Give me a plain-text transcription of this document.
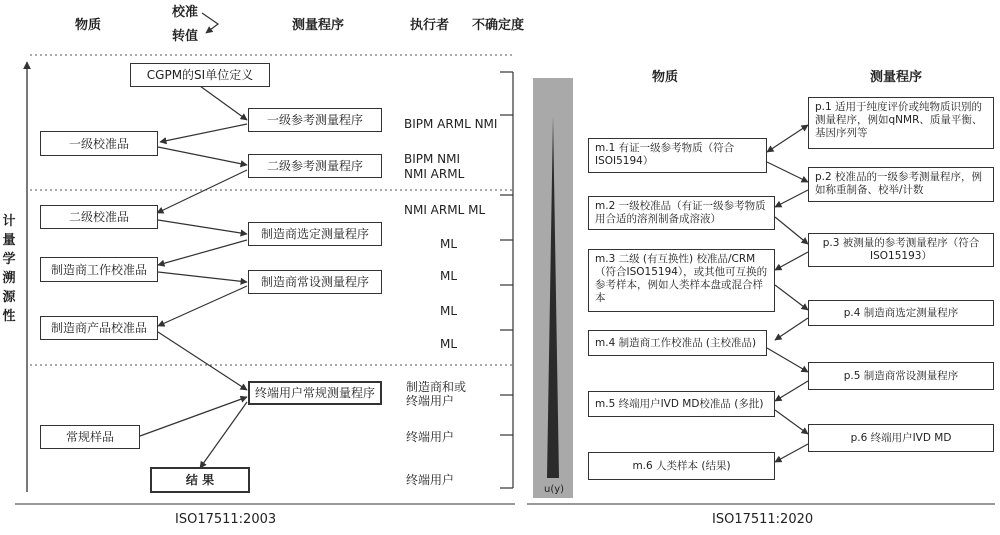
物质
校准
转值
测量程序	执行者 不确定度
计
量
学
溯
源
性
CGPM的SI单位定义
一级参考测量程序
一级校准品
二级参考测量程序
二级校准品
制造商选定测量程序
制造商工作校准品
制造商常设测量程序
制造商产品校准品
终端用户常规测量程序
常规样品
结 果
BIPM ARML NMI
BIPM NMI
NMI ARML
NMI ARML ML
ML
ML
ML
ML
制造商和或
终端用户
终端用户
终端用户
ISO17511:2003
物质	测量程序
u(y)
m.1 有证一级参考物质（符合ISOI5194）
m.2 一级校准品（有证一级参考物质用合适的溶剂制备成溶液）
m.3 二级 (有互换性) 校准品/CRM（符合ISO15194），或其他可互换的参考样本，例如人类样本盘或混合样本
m.4 制造商工作校准品 (主校准品)
m.5 终端用户IVD MD校准品 (多批)
m.6 人类样本 (结果)
p.1 适用于纯度评价或纯物质识别的测量程序，例如qNMR、质量平衡、基因序列等
p.2 校准品的一级参考测量程序，例如称重制备、校举/计数
p.3 被测量的参考测量程序（符合ISO15193）
p.4 制造商选定测量程序
p.5 制造商常设测量程序
p.6 终端用户IVD MD
ISO17511:2020
